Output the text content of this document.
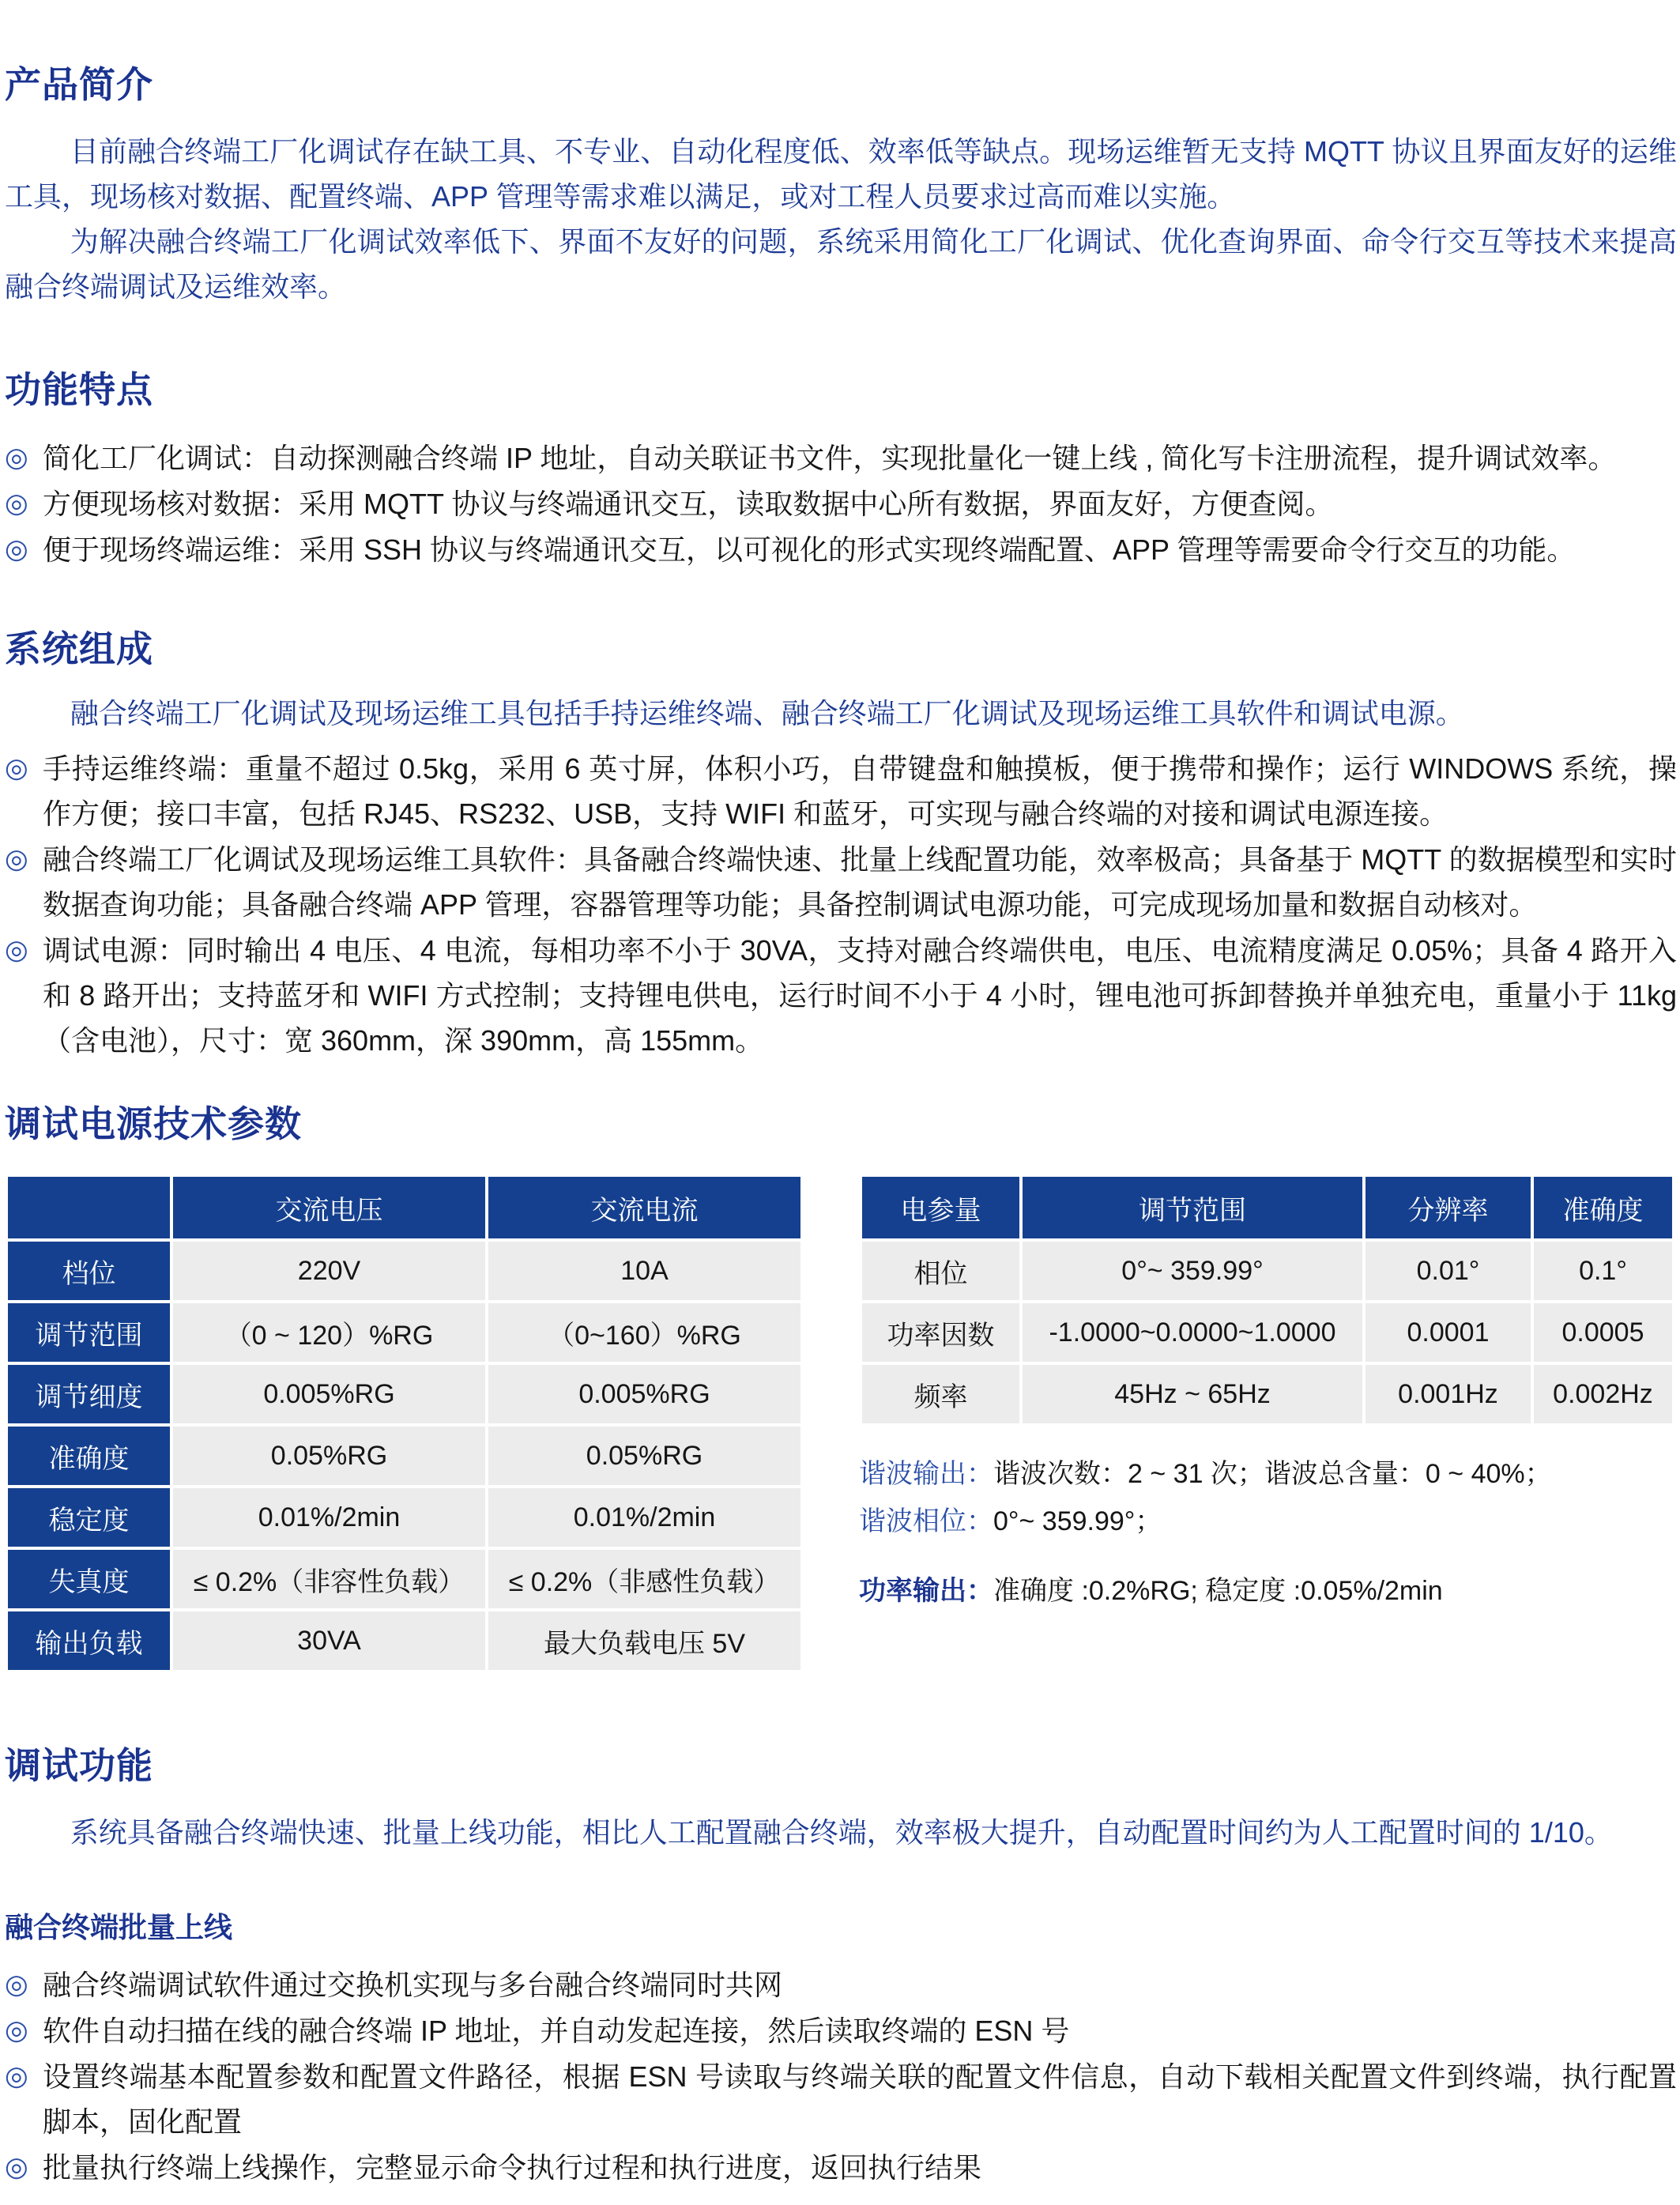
产品简介

目前融合终端工厂化调试存在缺工具、不专业、自动化程度低、效率低等缺点。现场运维暂无支持 MQTT 协议且界面友好的运维工具，现场核对数据、配置终端、APP 管理等需求难以满足，或对工程人员要求过高而难以实施。

为解决融合终端工厂化调试效率低下、界面不友好的问题，系统采用简化工厂化调试、优化查询界面、命令行交互等技术来提高融合终端调试及运维效率。

功能特点
◎ 简化工厂化调试：自动探测融合终端 IP 地址，自动关联证书文件，实现批量化一键上线 , 简化写卡注册流程，提升调试效率。
◎ 方便现场核对数据：采用 MQTT 协议与终端通讯交互，读取数据中心所有数据，界面友好，方便查阅。
◎ 便于现场终端运维：采用 SSH 协议与终端通讯交互，以可视化的形式实现终端配置、APP 管理等需要命令行交互的功能。
系统组成

融合终端工厂化调试及现场运维工具包括手持运维终端、融合终端工厂化调试及现场运维工具软件和调试电源。

◎ 手持运维终端：重量不超过 0.5kg，采用 6 英寸屏，体积小巧，自带键盘和触摸板，便于携带和操作；运行 WINDOWS 系统，操作方便；接口丰富，包括 RJ45、RS232、USB，支持 WIFI 和蓝牙，可实现与融合终端的对接和调试电源连接。
◎ 融合终端工厂化调试及现场运维工具软件：具备融合终端快速、批量上线配置功能，效率极高；具备基于 MQTT 的数据模型和实时数据查询功能；具备融合终端 APP 管理，容器管理等功能；具备控制调试电源功能，可完成现场加量和数据自动核对。
◎ 调试电源：同时输出 4 电压、4 电流，每相功率不小于 30VA，支持对融合终端供电，电压、电流精度满足 0.05%；具备 4 路开入和 8 路开出；支持蓝牙和 WIFI 方式控制；支持锂电供电，运行时间不小于 4 小时，锂电池可拆卸替换并单独充电，重量小于 11kg（含电池），尺寸：宽 360mm，深 390mm，高 155mm。
调试电源技术参数
	交流电压	交流电流
档位	220V	10A
调节范围	（0 ~ 120）%RG	（0~160）%RG
调节细度	0.005%RG	0.005%RG
准确度	0.05%RG	0.05%RG
稳定度	0.01%/2min	0.01%/2min
失真度	≤ 0.2%（非容性负载）	≤ 0.2%（非感性负载）
输出负载	30VA	最大负载电压 5V
电参量	调节范围	分辨率	准确度
相位	0°~ 359.99°	0.01°	0.1°
功率因数	-1.0000~0.0000~1.0000	0.0001	0.0005
频率	45Hz ~ 65Hz	0.001Hz	0.002Hz
谐波输出：谐波次数：2 ~ 31 次；谐波总含量：0 ~ 40%；
谐波相位：0°~ 359.99°；
功率输出：准确度 :0.2%RG; 稳定度 :0.05%/2min
调试功能

系统具备融合终端快速、批量上线功能，相比人工配置融合终端，效率极大提升，自动配置时间约为人工配置时间的 1/10。

融合终端批量上线
◎ 融合终端调试软件通过交换机实现与多台融合终端同时共网
◎ 软件自动扫描在线的融合终端 IP 地址，并自动发起连接，然后读取终端的 ESN 号
◎ 设置终端基本配置参数和配置文件路径，根据 ESN 号读取与终端关联的配置文件信息，自动下载相关配置文件到终端，执行配置脚本，固化配置
◎ 批量执行终端上线操作，完整显示命令执行过程和执行进度，返回执行结果
